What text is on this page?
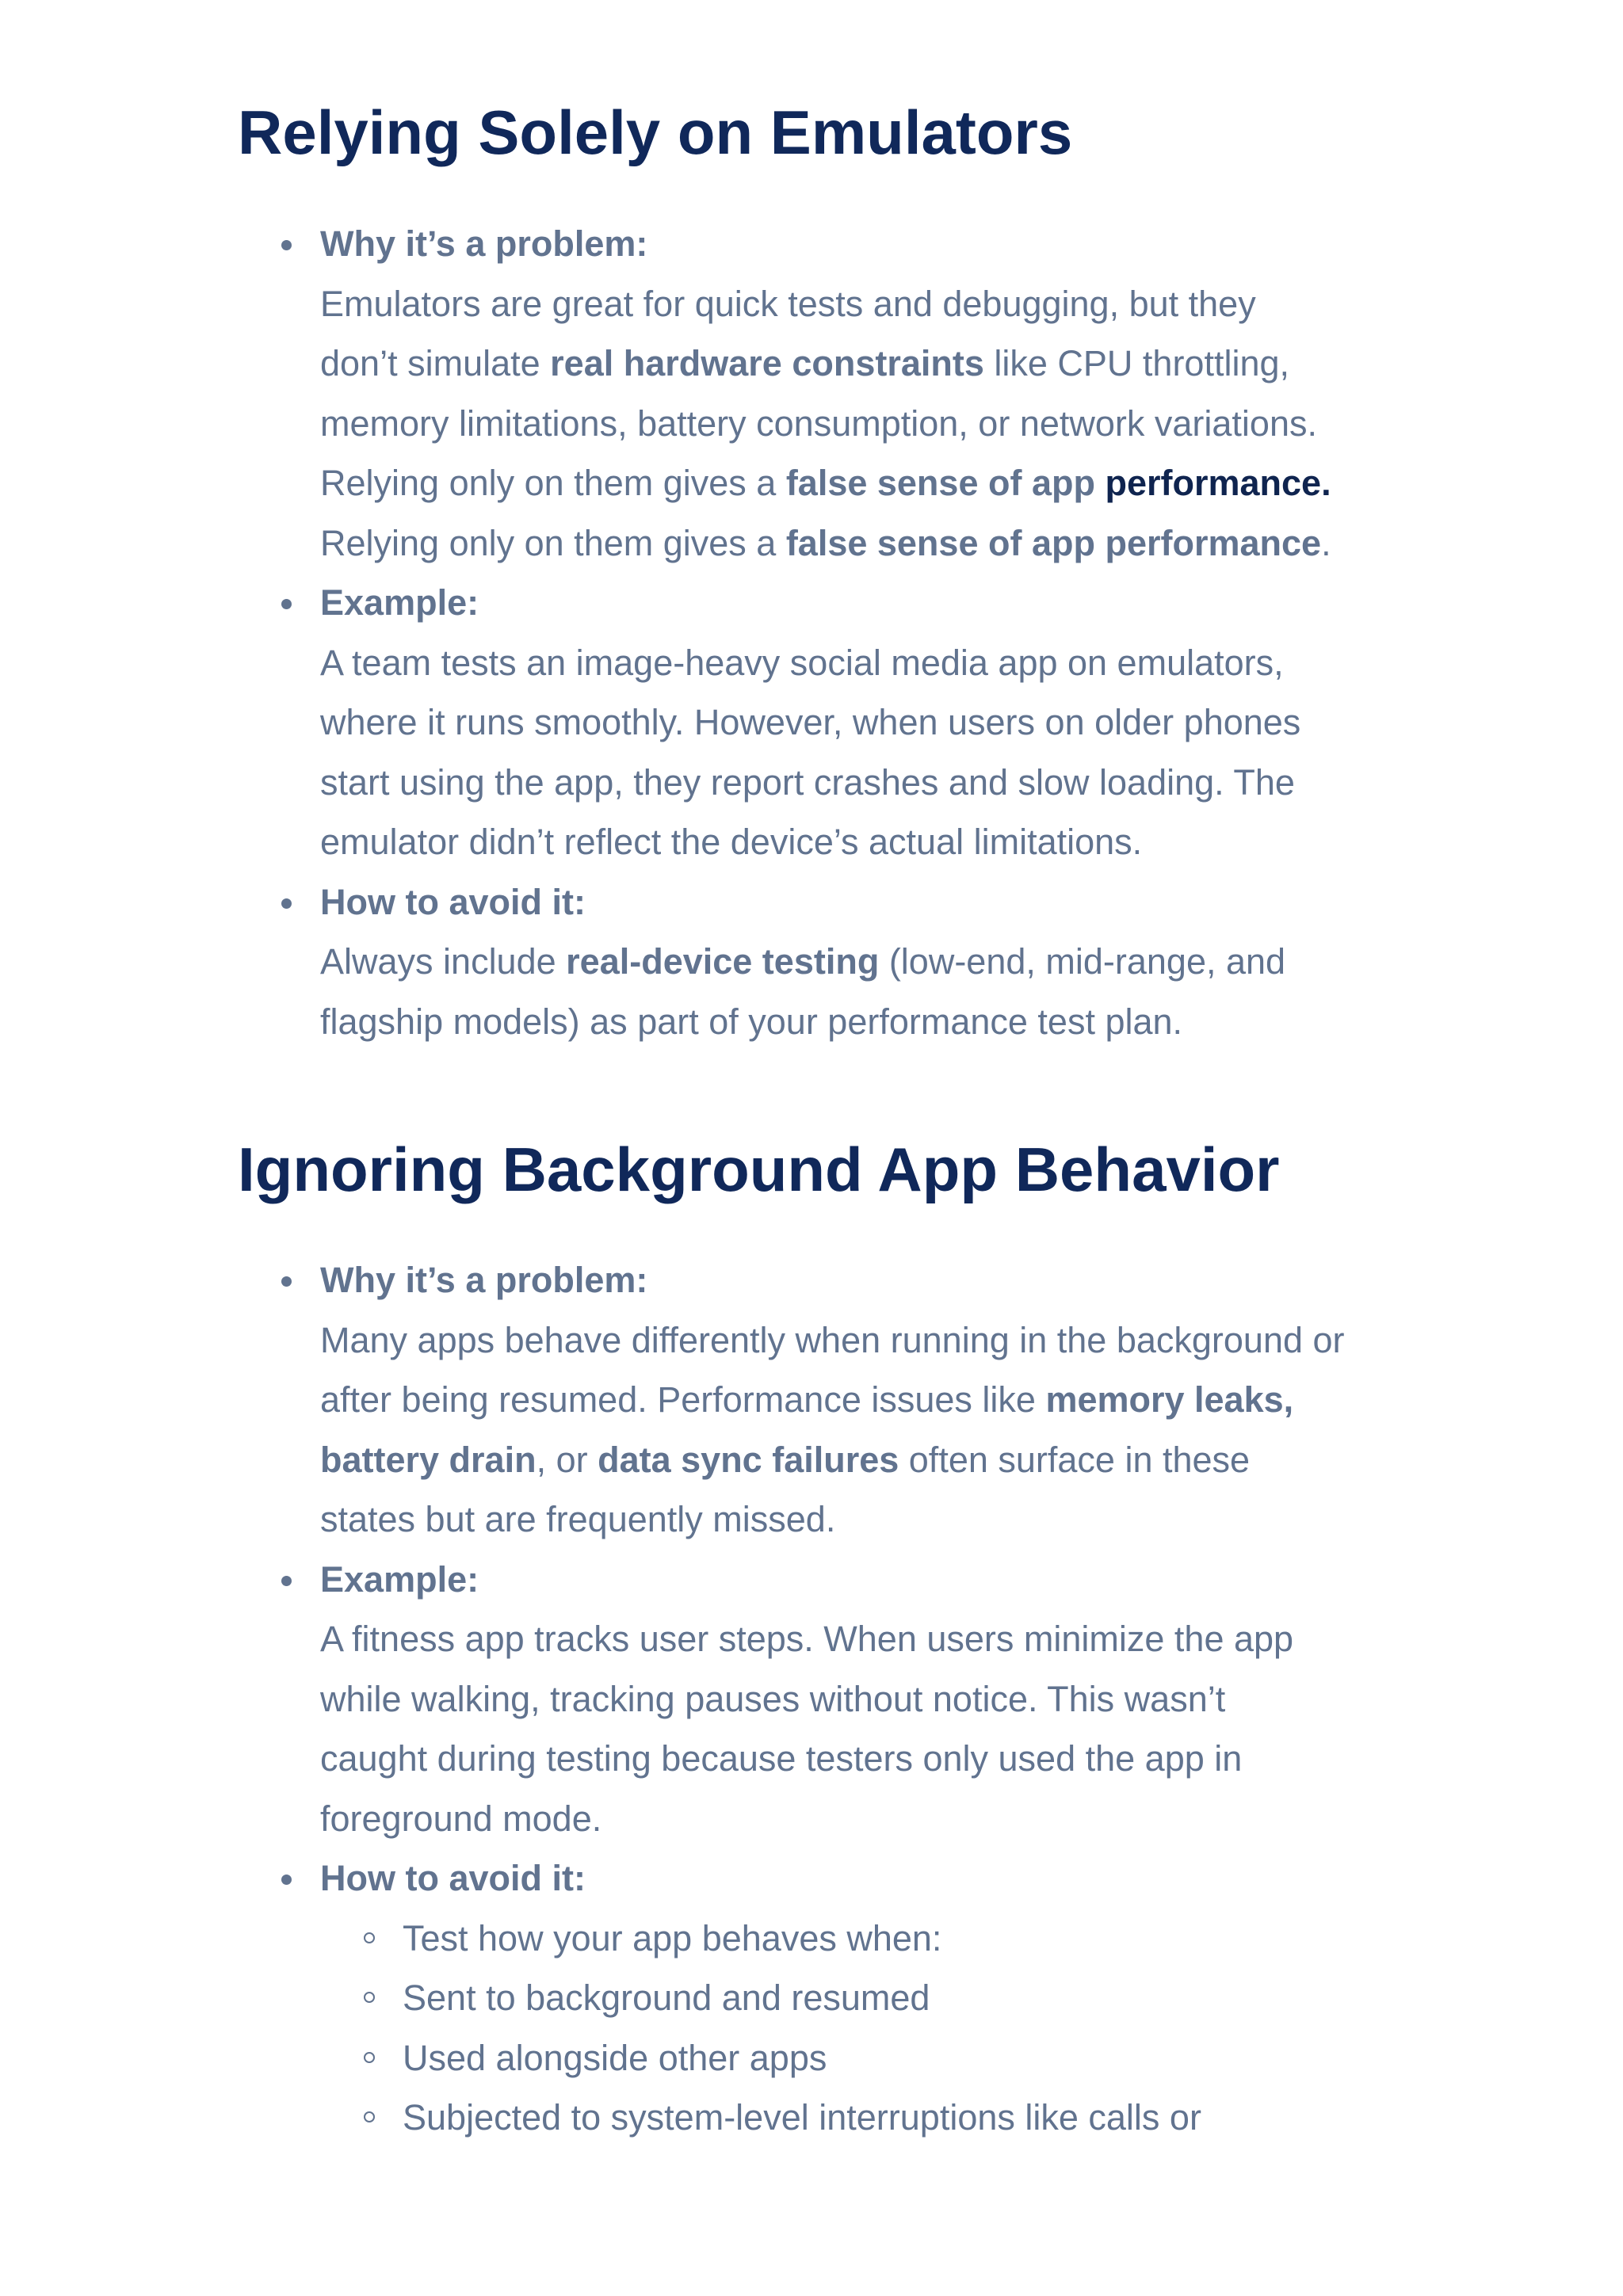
Relying Solely on Emulators
Why it’s a problem:
Emulators are great for quick tests and debugging, but they
don’t simulate real hardware constraints like CPU throttling,
memory limitations, battery consumption, or network variations.
Relying only on them gives a false sense of app performance.
Relying only on them gives a false sense of app performance.
Example:
A team tests an image-heavy social media app on emulators,
where it runs smoothly. However, when users on older phones
start using the app, they report crashes and slow loading. The
emulator didn’t reflect the device’s actual limitations.
How to avoid it:
Always include real-device testing (low-end, mid-range, and
flagship models) as part of your performance test plan.
Ignoring Background App Behavior
Why it’s a problem:
Many apps behave differently when running in the background or
after being resumed. Performance issues like memory leaks,
battery drain, or data sync failures often surface in these
states but are frequently missed.
Example:
A fitness app tracks user steps. When users minimize the app
while walking, tracking pauses without notice. This wasn’t
caught during testing because testers only used the app in
foreground mode.
How to avoid it:
Test how your app behaves when:
Sent to background and resumed
Used alongside other apps
Subjected to system-level interruptions like calls or
